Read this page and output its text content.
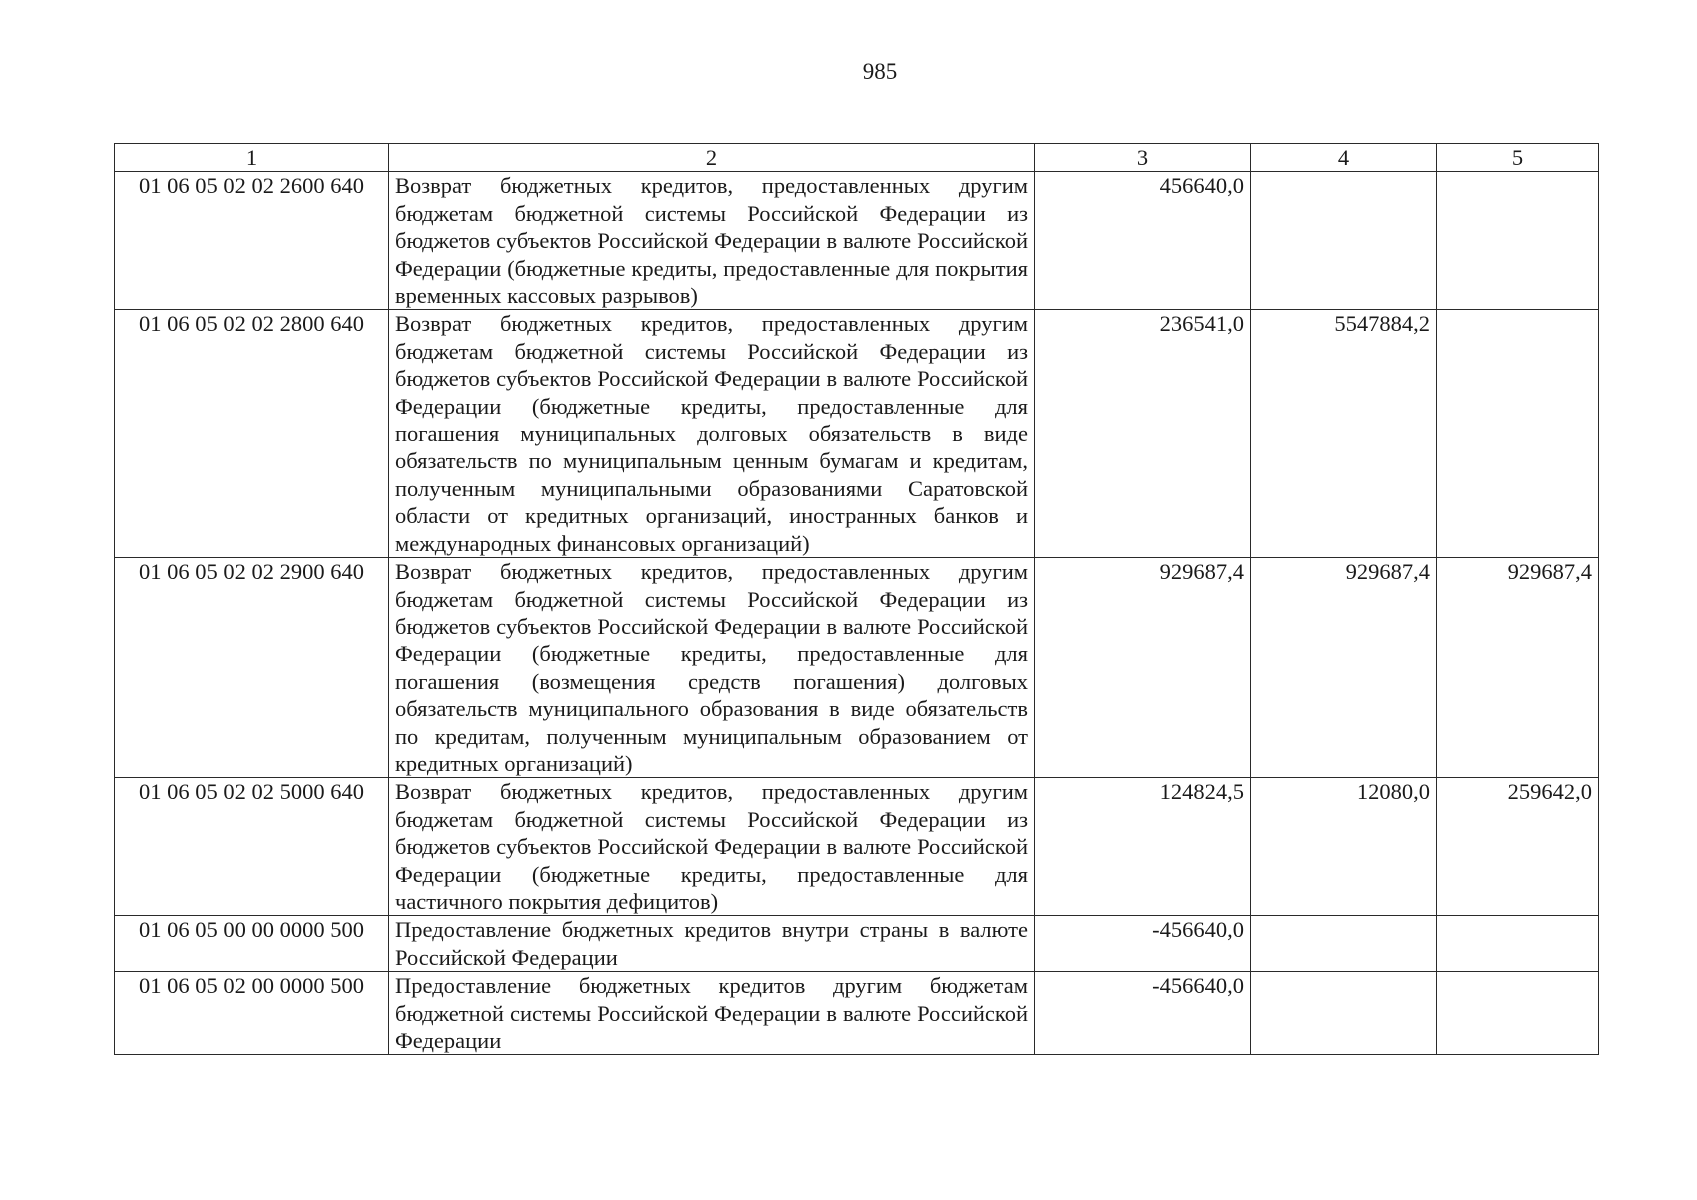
985
1	2	3	4	5
01 06 05 02 02 2600 640	Возврат бюджетных кредитов, предоставленных другим бюджетам бюджетной системы Российской Федерации из бюджетов субъектов Российской Федерации в валюте Российской Федерации (бюджетные кредиты, предоставленные для покрытия временных кассовых разрывов)	456640,0		
01 06 05 02 02 2800 640	Возврат бюджетных кредитов, предоставленных другим бюджетам бюджетной системы Российской Федерации из бюджетов субъектов Российской Федерации в валюте Российской Федерации (бюджетные кредиты, предоставленные для погашения муниципальных долговых обязательств в виде обязательств по муниципальным ценным бумагам и кредитам, полученным муниципальными образованиями Саратовской области от кредитных организаций, иностранных банков и международных финансовых организаций)	236541,0	5547884,2	
01 06 05 02 02 2900 640	Возврат бюджетных кредитов, предоставленных другим бюджетам бюджетной системы Российской Федерации из бюджетов субъектов Российской Федерации в валюте Российской Федерации (бюджетные кредиты, предоставленные для погашения (возмещения средств погашения) долговых обязательств муниципального образования в виде обязательств по кредитам, полученным муниципальным образованием от кредитных организаций)	929687,4	929687,4	929687,4
01 06 05 02 02 5000 640	Возврат бюджетных кредитов, предоставленных другим бюджетам бюджетной системы Российской Федерации из бюджетов субъектов Российской Федерации в валюте Российской Федерации (бюджетные кредиты, предоставленные для частичного покрытия дефицитов)	124824,5	12080,0	259642,0
01 06 05 00 00 0000 500	Предоставление бюджетных кредитов внутри страны в валюте Российской Федерации	-456640,0		
01 06 05 02 00 0000 500	Предоставление бюджетных кредитов другим бюджетам бюджетной системы Российской Федерации в валюте Российской Федерации	-456640,0		
